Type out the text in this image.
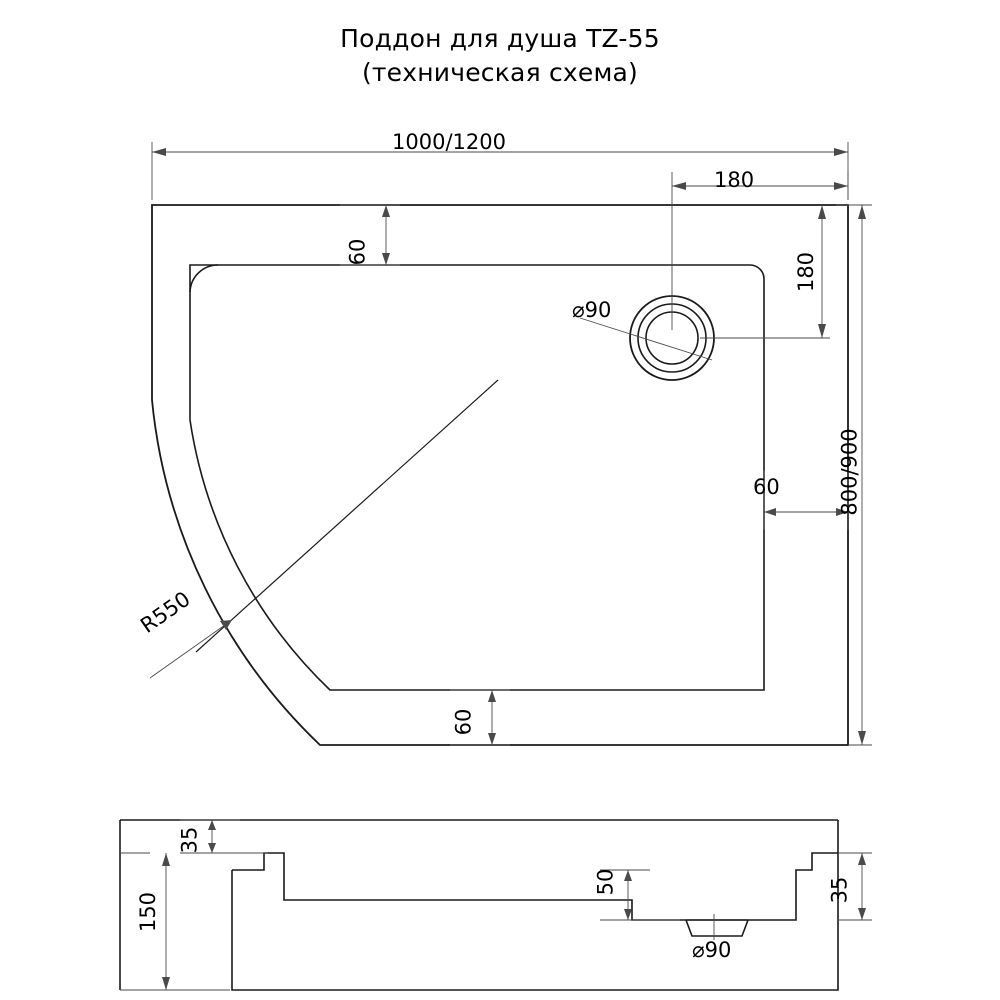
Поддон для душа TZ-55
(техническая схема)
1000/1200
180
180
800/900
60
60
60
⌀90
R550
35
150
50	35
⌀90
